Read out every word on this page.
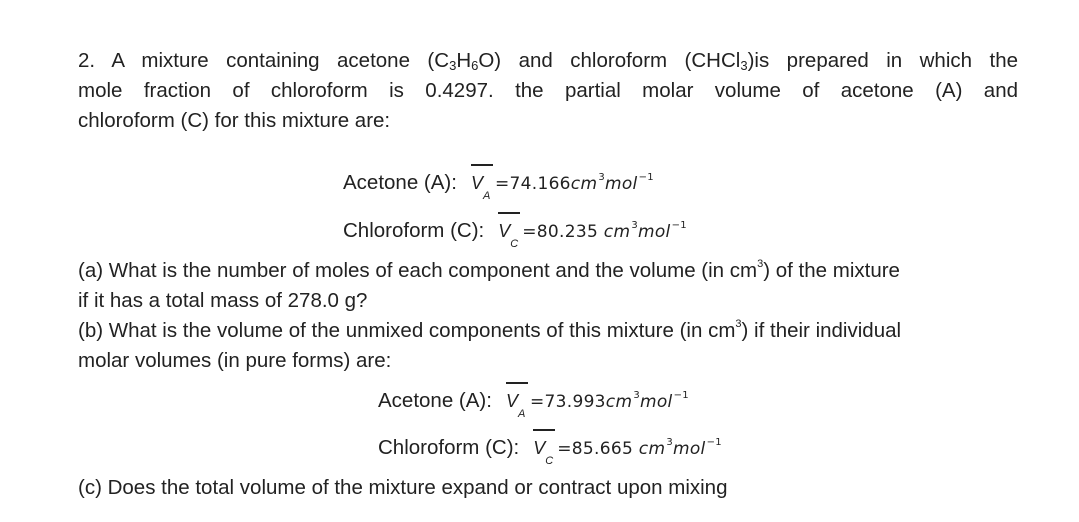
2. A mixture containing acetone $(C_3H_6O)$ and chloroform (CHCl$_3$)is prepared in which the
mole fraction of chloroform is 0.4297. the partial molar volume of acetone (A) and
chloroform (C) for this mixture are:

Acetone (A): V
A
$=74.166cm^3mol^{-1}$
Chloroform (C): V
C
=80.235 $cm^3mol^{-1}$

(a) What is the number of moles of each component and the volume (in $cm^3$) of the mixture
if it has a total mass of 278.0 g?

(b) What is the volume of the unmixed components of this mixture (in $cm^3$) if their individual
molar volumes (in pure forms) are:

Acetone (A): V
A
$=73.993cm^3mol^{-1}$
Chloroform (C): V
C
=85.665 $cm^3mol^{-1}$

(c) Does the total volume of the mixture expand or contract upon mixing
